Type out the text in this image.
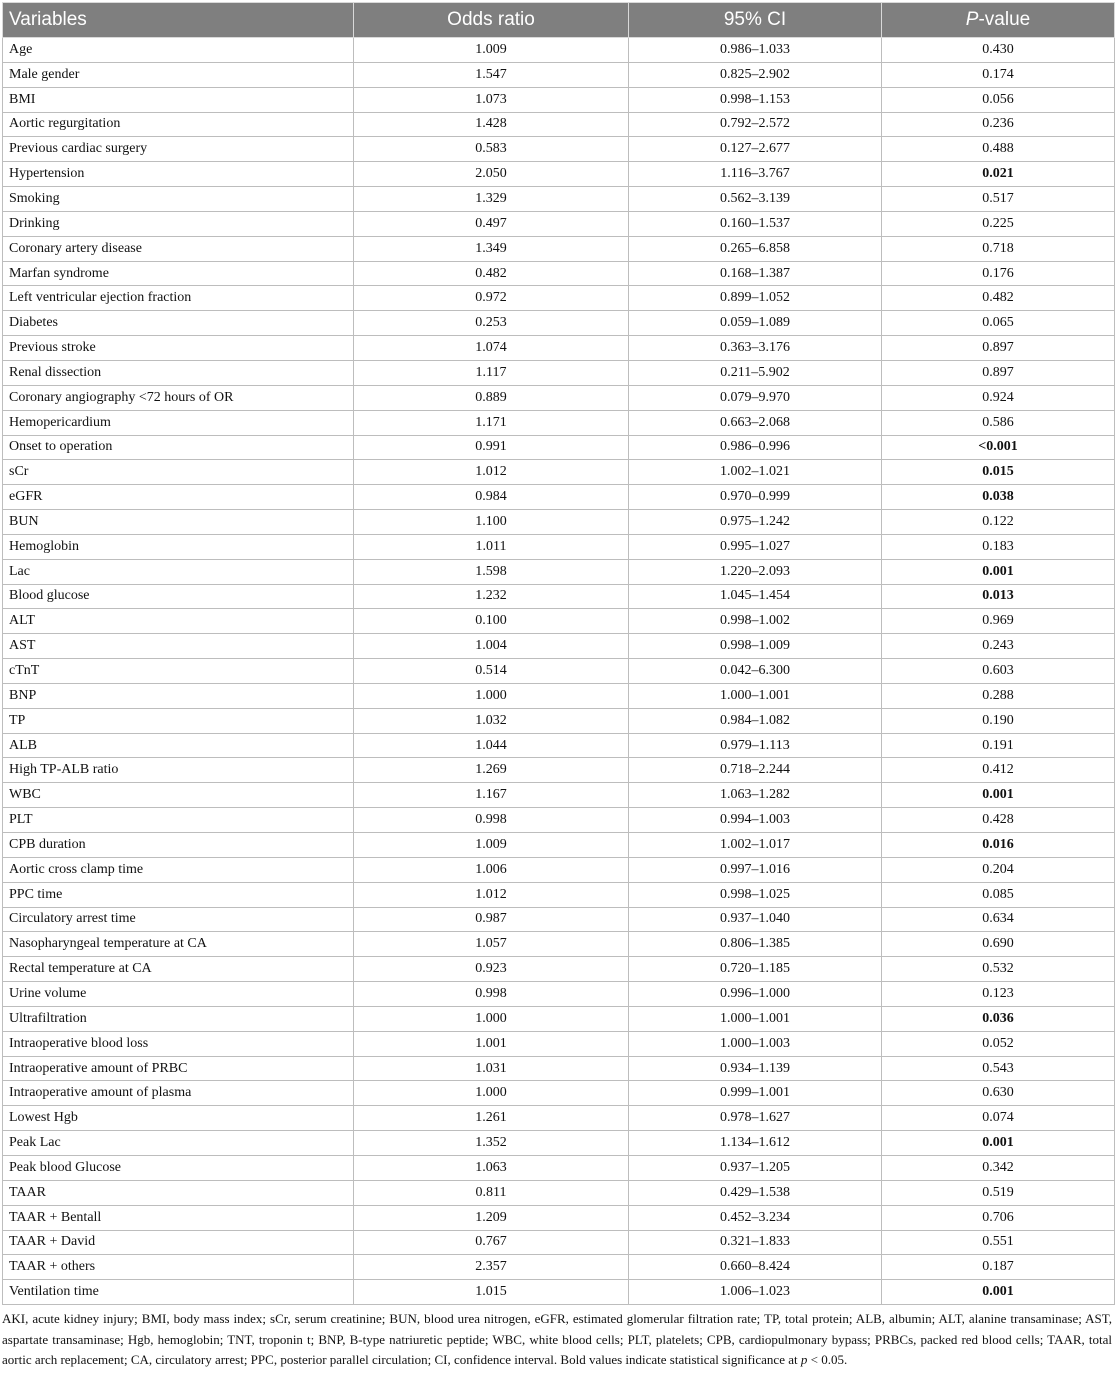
Variables	Odds ratio	95% CI	P-value
Age	1.009	0.986–1.033	0.430
Male gender	1.547	0.825–2.902	0.174
BMI	1.073	0.998–1.153	0.056
Aortic regurgitation	1.428	0.792–2.572	0.236
Previous cardiac surgery	0.583	0.127–2.677	0.488
Hypertension	2.050	1.116–3.767	0.021
Smoking	1.329	0.562–3.139	0.517
Drinking	0.497	0.160–1.537	0.225
Coronary artery disease	1.349	0.265–6.858	0.718
Marfan syndrome	0.482	0.168–1.387	0.176
Left ventricular ejection fraction	0.972	0.899–1.052	0.482
Diabetes	0.253	0.059–1.089	0.065
Previous stroke	1.074	0.363–3.176	0.897
Renal dissection	1.117	0.211–5.902	0.897
Coronary angiography <72 hours of OR	0.889	0.079–9.970	0.924
Hemopericardium	1.171	0.663–2.068	0.586
Onset to operation	0.991	0.986–0.996	<0.001
sCr	1.012	1.002–1.021	0.015
eGFR	0.984	0.970–0.999	0.038
BUN	1.100	0.975–1.242	0.122
Hemoglobin	1.011	0.995–1.027	0.183
Lac	1.598	1.220–2.093	0.001
Blood glucose	1.232	1.045–1.454	0.013
ALT	0.100	0.998–1.002	0.969
AST	1.004	0.998–1.009	0.243
cTnT	0.514	0.042–6.300	0.603
BNP	1.000	1.000–1.001	0.288
TP	1.032	0.984–1.082	0.190
ALB	1.044	0.979–1.113	0.191
High TP-ALB ratio	1.269	0.718–2.244	0.412
WBC	1.167	1.063–1.282	0.001
PLT	0.998	0.994–1.003	0.428
CPB duration	1.009	1.002–1.017	0.016
Aortic cross clamp time	1.006	0.997–1.016	0.204
PPC time	1.012	0.998–1.025	0.085
Circulatory arrest time	0.987	0.937–1.040	0.634
Nasopharyngeal temperature at CA	1.057	0.806–1.385	0.690
Rectal temperature at CA	0.923	0.720–1.185	0.532
Urine volume	0.998	0.996–1.000	0.123
Ultrafiltration	1.000	1.000–1.001	0.036
Intraoperative blood loss	1.001	1.000–1.003	0.052
Intraoperative amount of PRBC	1.031	0.934–1.139	0.543
Intraoperative amount of plasma	1.000	0.999–1.001	0.630
Lowest Hgb	1.261	0.978–1.627	0.074
Peak Lac	1.352	1.134–1.612	0.001
Peak blood Glucose	1.063	0.937–1.205	0.342
TAAR	0.811	0.429–1.538	0.519
TAAR + Bentall	1.209	0.452–3.234	0.706
TAAR + David	0.767	0.321–1.833	0.551
TAAR + others	2.357	0.660–8.424	0.187
Ventilation time	1.015	1.006–1.023	0.001
AKI, acute kidney injury; BMI, body mass index; sCr, serum creatinine; BUN, blood urea nitrogen, eGFR, estimated glomerular filtration rate; TP, total protein; ALB, albumin; ALT, alanine transaminase; AST, aspartate transaminase; Hgb, hemoglobin; TNT, troponin t; BNP, B-type natriuretic peptide; WBC, white blood cells; PLT, platelets; CPB, cardiopulmonary bypass; PRBCs, packed red blood cells; TAAR, total aortic arch replacement; CA, circulatory arrest; PPC, posterior parallel circulation; CI, confidence interval. Bold values indicate statistical significance at p < 0.05.
